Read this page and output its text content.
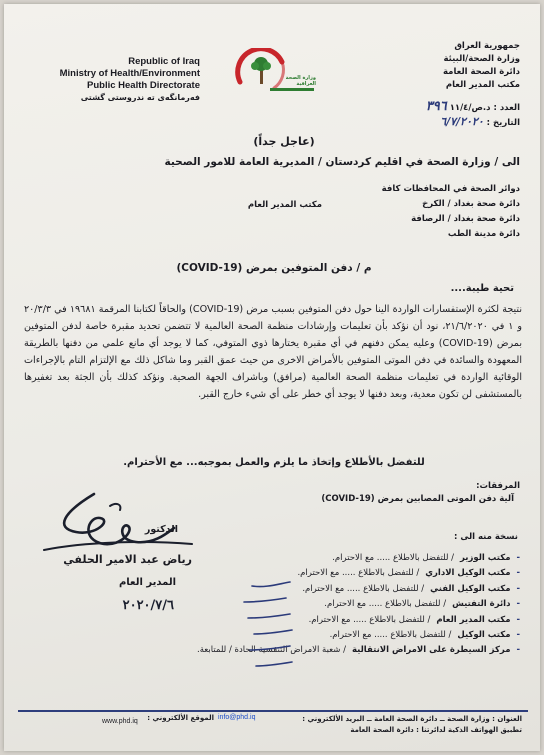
Republic of Iraq
Ministry of Health/Environment
Public Health Directorate
فەرمانگەی تە ندروستی گشتی
وزارة الصحة العراقية
جمهورية العراق
وزارة الصحة/البيئة
دائرة الصحة العامة
مكتب المدير العام
العدد : د.ص/١١/٤ ٣٩٦
التاريخ : ٦/٧/٢٠٢٠
(عاجل جداً)
الى / وزارة الصحة في اقليم كردستان / المديرية العامة للامور الصحية
دوائر الصحة في المحافظات كافة
دائرة صحة بغداد / الكرخ
دائرة صحة بغداد / الرصافة
دائرة مدينة الطب
مكتب المدير العام
م / دفن المتوفين بمرض (COVID-19)
تحية طيبة....
نتيجة لكثرة الإستفسارات الواردة الينا حول دفن المتوفين بسبب مرض (COVID-19) والحاقاً لكتابنا المرقمة ١٩٦٨١ في ٢٠/٣/٣ و ١ في ٢١/٦/٢٠٢٠، نود أن نؤكد بأن تعليمات وإرشادات منظمة الصحة العالمية لا تتضمن تحديد مقبرة خاصة لدفن المتوفين بمرض (COVID-19) وعليه يمكن دفنهم في أي مقبرة يختارها ذوي المتوفي، كما لا يوجد أي مانع علمي من دفنها بالطريقة المعهودة والسائدة في دفن الموتى المتوفين بالأمراض الاخرى من حيث عمق القبر وما شاكل ذلك مع الإلتزام التام بالإجراءات الوقائية الواردة في تعليمات منظمة الصحة العالمية (مرافق) وباشراف الجهة الصحية. ونؤكد كذلك بأن الجثة بعد تغفيرها بالمستشفى لن تكون معدية، وبعد دفنها لا يوجد أي خطر على أي شيء خارج القبر.
للتفضل بالأطلاع وإتخاذ ما يلزم والعمل بموجبه... مع الأحترام.
المرفقات:
آلية دفن الموتى المصابين بمرض (COVID-19)
نسخة منه الى :
-
مكتب الوزير
/ للتفضل بالاطلاع ..... مع الاحترام.
-
مكتب الوكيل الاداري
/ للتفضل بالاطلاع ..... مع الاحترام.
-
مكتب الوكيل الفني
/ للتفضل بالاطلاع ..... مع الاحترام.
-
دائرة التفتيش
/ للتفضل بالاطلاع ..... مع الاحترام.
-
مكتب المدير العام
/ للتفضل بالاطلاع ..... مع الاحترام.
-
مكتب الوكيل
/ للتفضل بالاطلاع ..... مع الاحترام.
-
مركز السيطرة على الامراض الانتقالية
/ شعبة الامراض التنفسية الحادة / للمتابعة.
الدكتور
رياض عبد الامير الحلفي
المدير العام
٢٠٢٠/٧/٦
العنوان : وزارة الصحة ــ دائرة الصحة العامة ــ البريد الألكتروني :
تطبيق الهواتف الذكية لدائرتنا : دائرة الصحة العامة
info@phd.iq
الموقع الألكتروني :
www.phd.iq
